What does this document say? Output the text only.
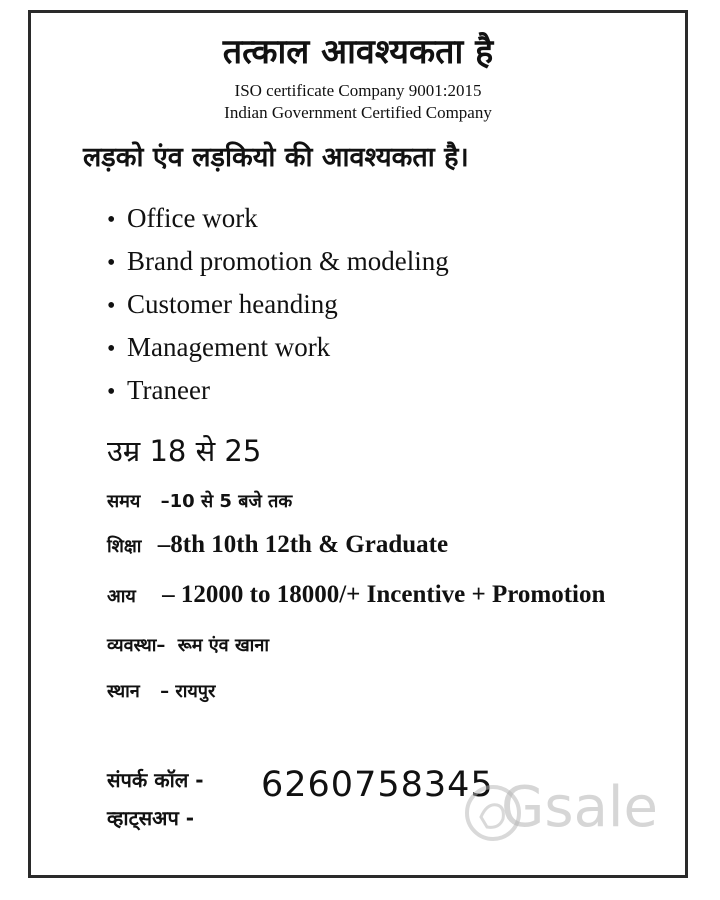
तत्काल आवश्यकता है
ISO certificate Company 9001:2015
Indian Government Certified Company
लड़को एंव लड़कियो की आवश्यकता है।
• Office work
• Brand promotion & modeling
• Customer heanding
• Management work
• Traneer
उम्र 18 से 25
समय –10 से 5 बजे तक
शिक्षा –8th 10th 12th & Graduate
आय – 12000 to 18000/+ Incentive + Promotion
व्यवस्था– रूम एंव खाना
स्थान – रायपुर
संपर्क कॉल -
व्हाट्सअप -
6260758345 Gsale
